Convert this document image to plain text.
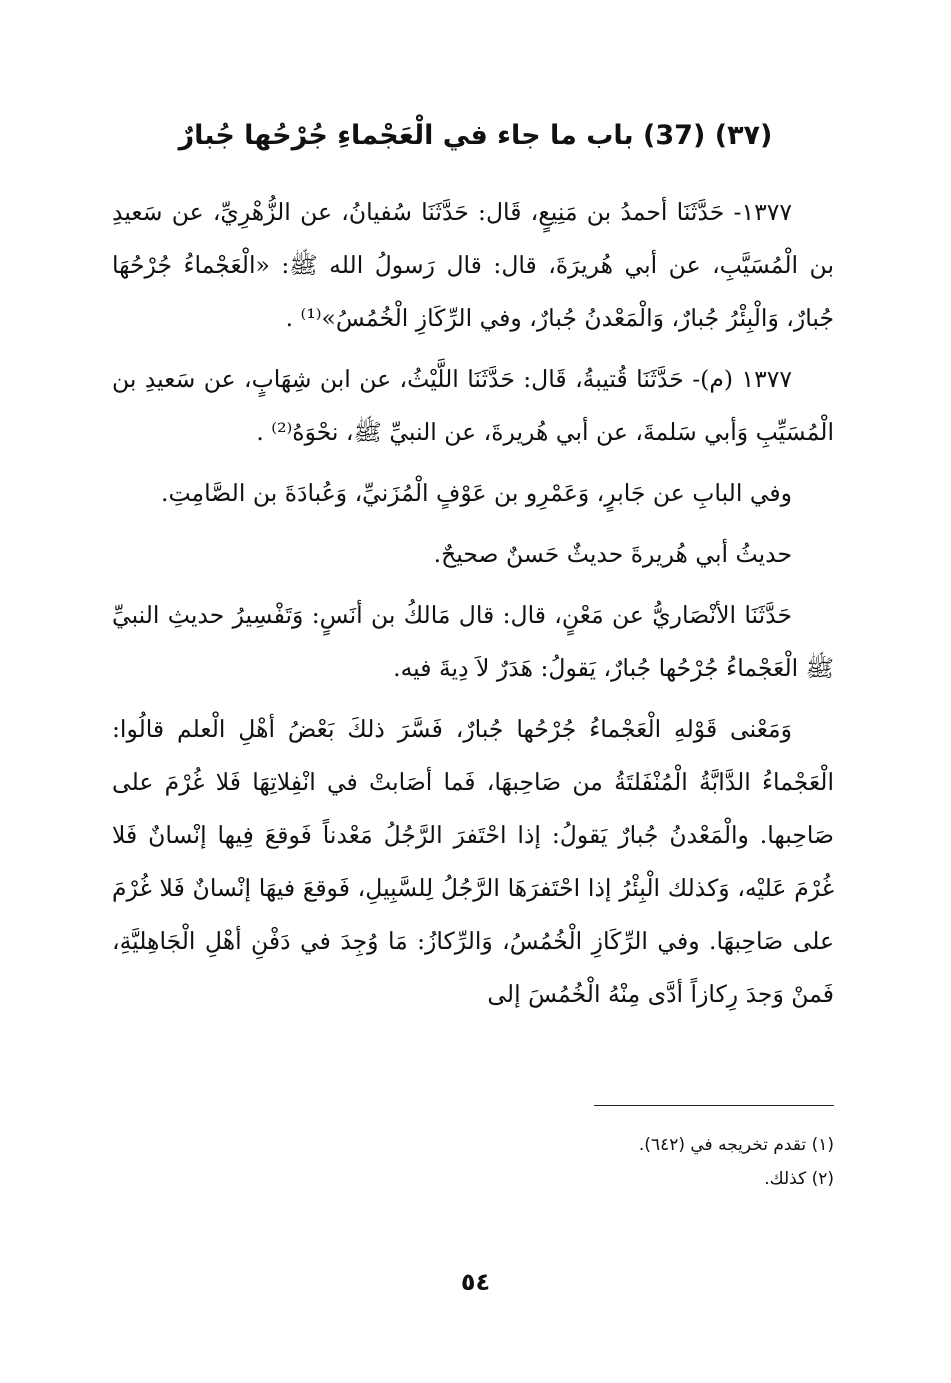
(٣٧) (37) باب ما جاء في الْعَجْماءِ جُرْحُها جُبارٌ

١٣٧٧- حَدَّثَنَا أحمدُ بن مَنِيعٍ، قَال: حَدَّثَنَا سُفيانُ، عن الزُّهْرِيِّ، عن سَعيدِ بن الْمُسَيَّبِ، عن أبي هُريرَةَ، قال: قال رَسولُ الله ﷺ: «الْعَجْماءُ جُرْحُهَا جُبارٌ، وَالْبِئْرُ جُبارٌ، وَالْمَعْدنُ جُبارٌ، وفي الرِّكَازِ الْخُمُسُ»⁽¹⁾ .

١٣٧٧ (م)- حَدَّثَنَا قُتيبةُ، قَال: حَدَّثَنَا اللَّيْثُ، عن ابن شِهَابٍ، عن سَعيدِ بن الْمُسَيِّبِ وَأبي سَلمةَ، عن أبي هُريرةَ، عن النبيِّ ﷺ، نحْوَهُ⁽²⁾ .

وفي البابِ عن جَابرٍ، وَعَمْرِو بن عَوْفٍ الْمُزَنيِّ، وَعُبادَةَ بن الصَّامِتِ.

حديثُ أبي هُريرةَ حديثٌ حَسنٌ صحيحٌ.

حَدَّثَنَا الأنْصَاريُّ عن مَعْنٍ، قال: قال مَالكُ بن أنَسٍ: وَتَفْسِيرُ حديثِ النبيِّ ﷺ الْعَجْماءُ جُرْحُها جُبارٌ، يَقولُ: هَدَرٌ لاَ دِيةَ فيه.

وَمَعْنى قَوْلهِ الْعَجْماءُ جُرْحُها جُبارٌ، فَسَّرَ ذلكَ بَعْضُ أهْلِ الْعلم قالُوا: الْعَجْماءُ الدَّابَّةُ الْمُنْفَلتَةُ من صَاحِبهَا، فَما أصَابتْ في انْفِلاتِهَا فَلا غُرْمَ على صَاحِبها. والْمَعْدنُ جُبارٌ يَقولُ: إذا احْتَفرَ الرَّجُلُ مَعْدناً فَوقعَ فِيها إنْسانٌ فَلا غُرْمَ عَليْه، وَكذلك الْبِئْرُ إذا احْتَفرَهَا الرَّجُلُ لِلسَّبِيلِ، فَوقعَ فيهَا إنْسانٌ فَلا غُرْمَ على صَاحِبهَا. وفي الرِّكَازِ الْخُمُسُ، وَالرِّكازُ: مَا وُجِدَ في دَفْنِ أهْلِ الْجَاهِليَّةِ، فَمنْ وَجدَ رِكازاً أدَّى مِنْهُ الْخُمُسَ إلى

(١) تقدم تخريجه في (٦٤٢).

(٢) كذلك.

٥٤
